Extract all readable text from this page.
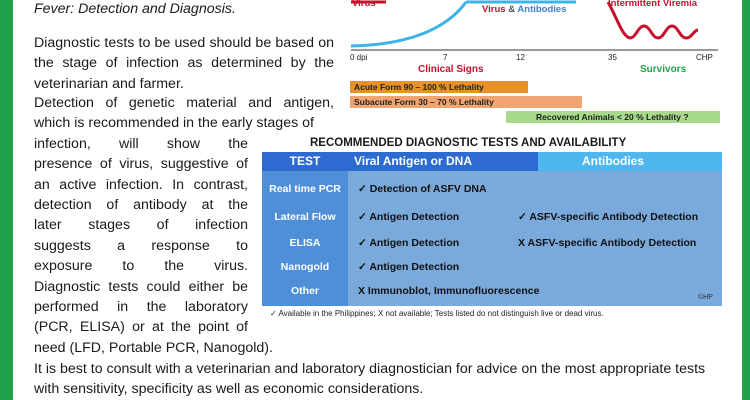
Fever: Detection and Diagnosis.
Diagnostic tests to be used should be based on the stage of infection as determined by the veterinarian and farmer.
Detection of genetic material and antigen, which is recommended in the early stages of
infection, will show the
presence of virus, suggestive of
an active infection. In contrast,
detection of antibody at the
later stages of infection
suggests a response to
exposure to the virus.
Diagnostic tests could either be
performed in the laboratory
(PCR, ELISA) or at the point of
need (LFD, Portable PCR, Nanogold).
Virus
Virus & Antibodies
Intermittent Viremia
0 dpi	7	12	35	CHP
Clinical Signs	Survivors
Acute Form 90 – 100 % Lethality
Subacute Form 30 – 70 % Lethality
Recovered Animals < 20 % Lethality ?
RECOMMENDED DIAGNOSTIC TESTS AND AVAILABILITY
TEST	Viral Antigen or DNA	Antibodies
Real time PCR	✓ Detection of ASFV DNA
Lateral Flow	✓ Antigen Detection	✓ ASFV-specific Antibody Detection
ELISA	✓ Antigen Detection	X ASFV-specific Antibody Detection
Nanogold	✓ Antigen Detection
Other	X Immunoblot, Immunofluorescence
©HP
✓ Available in the Philippines; X not available; Tests listed do not distinguish live or dead virus.
It is best to consult with a veterinarian and laboratory diagnostician for advice on the most appropriate tests with sensitivity, specificity as well as economic considerations.
